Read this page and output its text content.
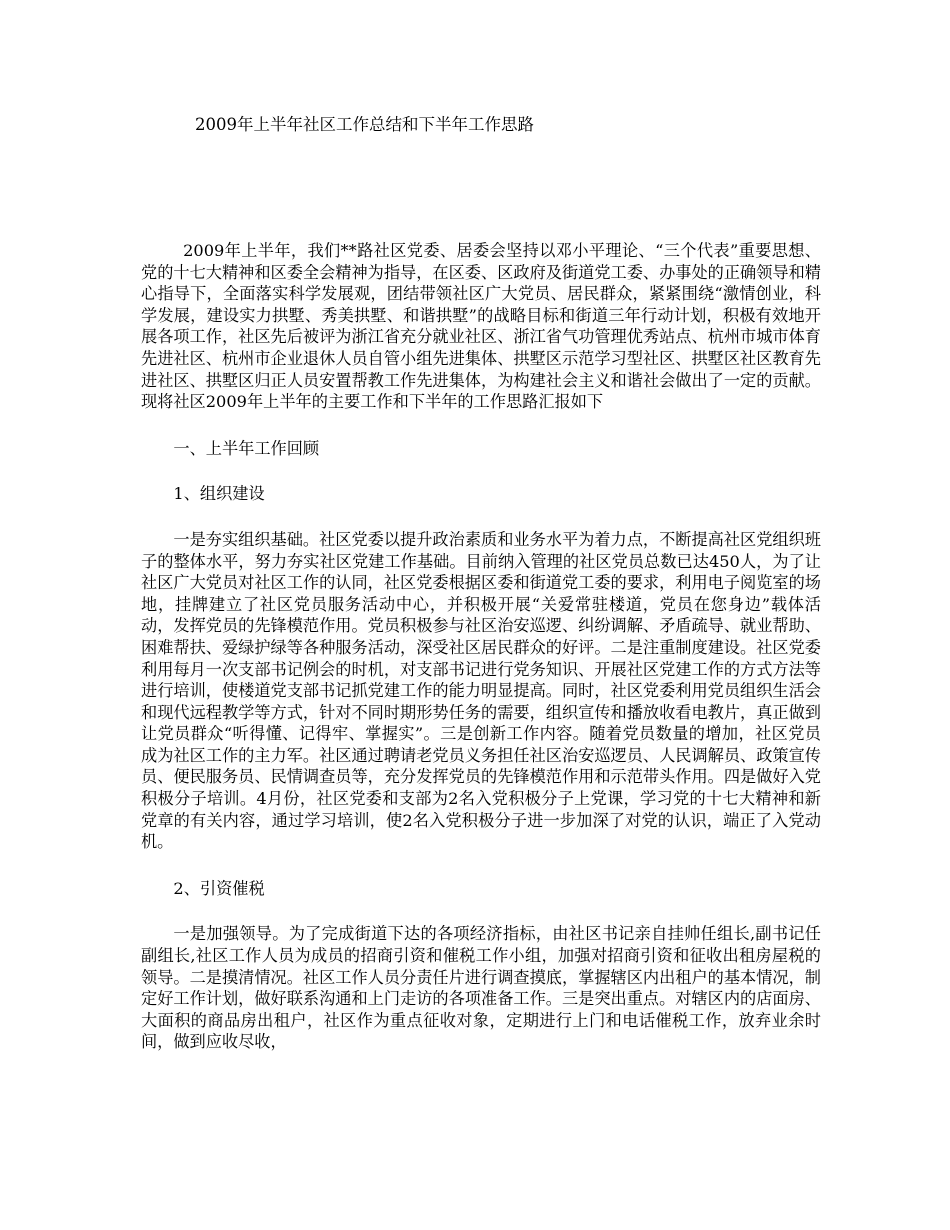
2009年上半年社区工作总结和下半年工作思路

2009年上半年，我们**路社区党委、居委会坚持以邓小平理论、“三个代表”重要思想、党的十七大精神和区委全会精神为指导，在区委、区政府及街道党工委、办事处的正确领导和精心指导下，全面落实科学发展观，团结带领社区广大党员、居民群众，紧紧围绕“激情创业，科学发展，建设实力拱墅、秀美拱墅、和谐拱墅”的战略目标和街道三年行动计划，积极有效地开展各项工作，社区先后被评为浙江省充分就业社区、浙江省气功管理优秀站点、杭州市城市体育先进社区、杭州市企业退休人员自管小组先进集体、拱墅区示范学习型社区、拱墅区社区教育先进社区、拱墅区归正人员安置帮教工作先进集体，为构建社会主义和谐社会做出了一定的贡献。现将社区2009年上半年的主要工作和下半年的工作思路汇报如下

一、上半年工作回顾

1、组织建设

一是夯实组织基础。社区党委以提升政治素质和业务水平为着力点，不断提高社区党组织班子的整体水平，努力夯实社区党建工作基础。目前纳入管理的社区党员总数已达450人，为了让社区广大党员对社区工作的认同，社区党委根据区委和街道党工委的要求，利用电子阅览室的场地，挂牌建立了社区党员服务活动中心，并积极开展“关爱常驻楼道，党员在您身边”载体活动，发挥党员的先锋模范作用。党员积极参与社区治安巡逻、纠纷调解、矛盾疏导、就业帮助、困难帮扶、爱绿护绿等各种服务活动，深受社区居民群众的好评。二是注重制度建设。社区党委利用每月一次支部书记例会的时机，对支部书记进行党务知识、开展社区党建工作的方式方法等进行培训，使楼道党支部书记抓党建工作的能力明显提高。同时，社区党委利用党员组织生活会和现代远程教学等方式，针对不同时期形势任务的需要，组织宣传和播放收看电教片，真正做到让党员群众“听得懂、记得牢、掌握实”。三是创新工作内容。随着党员数量的增加，社区党员成为社区工作的主力军。社区通过聘请老党员义务担任社区治安巡逻员、人民调解员、政策宣传员、便民服务员、民情调查员等，充分发挥党员的先锋模范作用和示范带头作用。四是做好入党积极分子培训。4月份，社区党委和支部为2名入党积极分子上党课，学习党的十七大精神和新党章的有关内容，通过学习培训，使2名入党积极分子进一步加深了对党的认识，端正了入党动机。

2、引资催税

一是加强领导。为了完成街道下达的各项经济指标，由社区书记亲自挂帅任组长,副书记任副组长,社区工作人员为成员的招商引资和催税工作小组，加强对招商引资和征收出租房屋税的领导。二是摸清情况。社区工作人员分责任片进行调查摸底，掌握辖区内出租户的基本情况，制定好工作计划，做好联系沟通和上门走访的各项准备工作。三是突出重点。对辖区内的店面房、大面积的商品房出租户，社区作为重点征收对象，定期进行上门和电话催税工作，放弃业余时间，做到应收尽收，
